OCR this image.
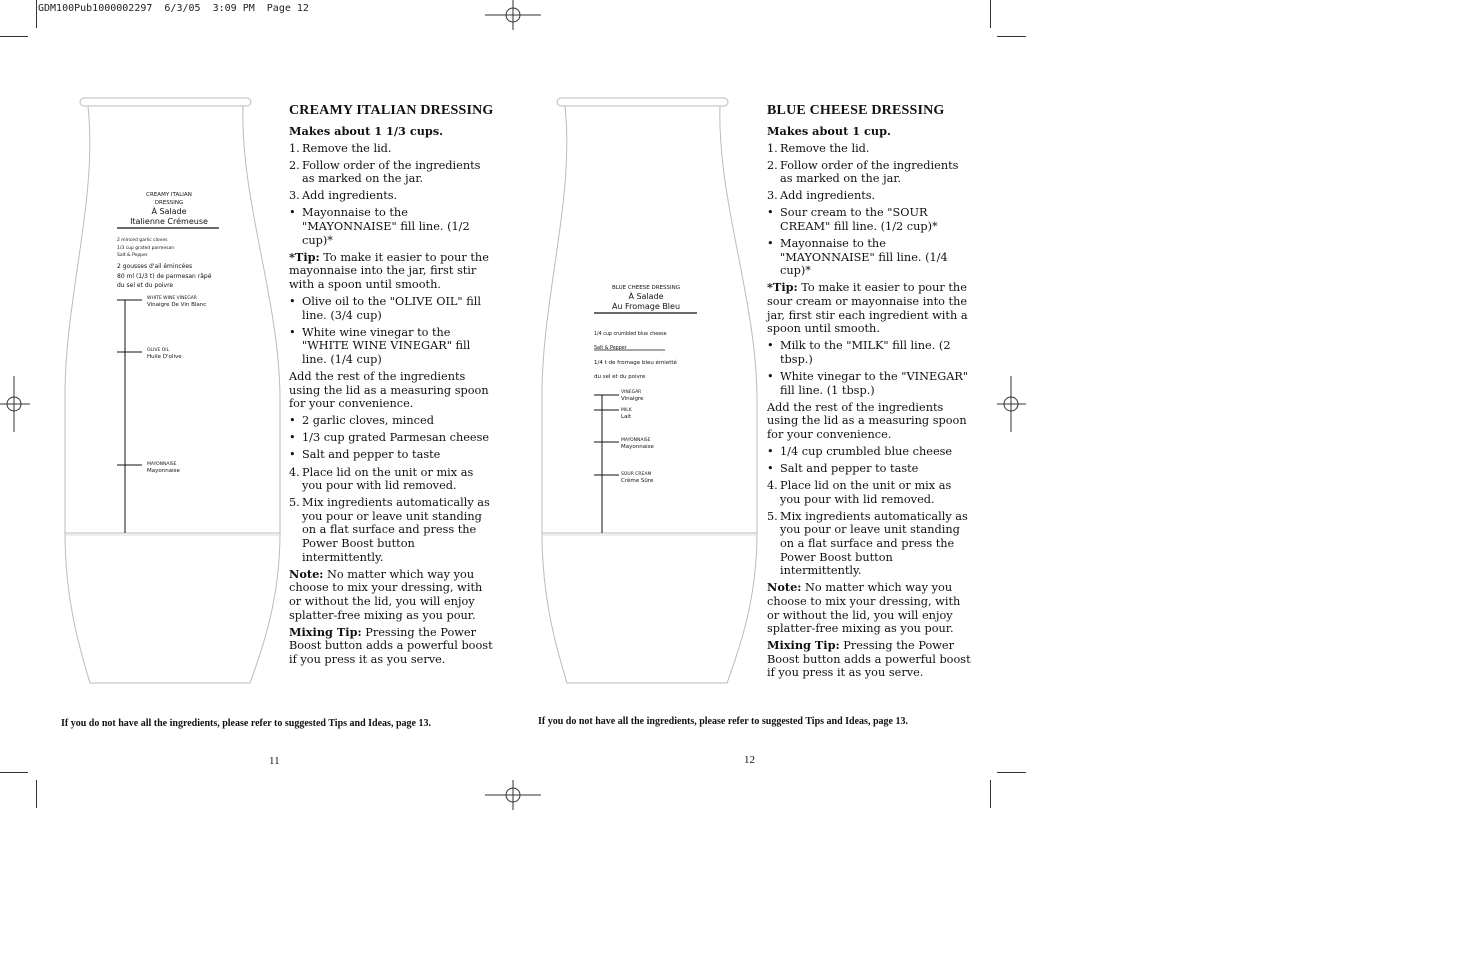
GDM100Pub1000002297  6/3/05  3:09 PM  Page 12
CREAMY ITALIAN
DRESSING
À Salade
Italienne Crémeuse
2 minced garlic cloves
1/3 cup grated parmesan
Salt & Pepper
2 gousses d'ail émincées
80 ml (1/3 t) de parmesan râpé
du sel et du poivre
WHITE WINE VINEGAR
Vinaigre De Vin Blanc
OLIVE OIL
Huile D'olive
MAYONNAISE
Mayonnaise
BLUE CHEESE DRESSING
À Salade
Au Fromage Bleu
1/4 cup crumbled blue cheese
Salt & Pepper
1/4 t de fromage bleu émietté
du sel et du poivre
VINEGAR
Vinaigre
MILK
Lait
MAYONNAISE
Mayonnaise
SOUR CREAM
Crème Sûre
CREAMY ITALIAN DRESSING
Makes about 1 1/3 cups.
1. Remove the lid.
2. Follow order of the ingredients as marked on the jar.
3. Add ingredients.
• Mayonnaise to the "MAYONNAISE" fill line. (1/2 cup)*

*Tip: To make it easier to pour the mayonnaise into the jar, first stir with a spoon until smooth.

• Olive oil to the "OLIVE OIL" fill line. (3/4 cup)
• White wine vinegar to the "WHITE WINE VINEGAR" fill line. (1/4 cup)

Add the rest of the ingredients using the lid as a measuring spoon for your convenience.

• 2 garlic cloves, minced
• 1/3 cup grated Parmesan cheese
• Salt and pepper to taste
4. Place lid on the unit or mix as you pour with lid removed.
5. Mix ingredients automatically as you pour or leave unit standing on a flat surface and press the Power Boost button intermittently.

Note: No matter which way you choose to mix your dressing, with or without the lid, you will enjoy splatter-free mixing as you pour.

Mixing Tip: Pressing the Power Boost button adds a powerful boost if you press it as you serve.

BLUE CHEESE DRESSING
Makes about 1 cup.
1. Remove the lid.
2. Follow order of the ingredients as marked on the jar.
3. Add ingredients.
• Sour cream to the "SOUR CREAM" fill line. (1/2 cup)*
• Mayonnaise to the "MAYONNAISE" fill line. (1/4 cup)*

*Tip: To make it easier to pour the sour cream or mayonnaise into the jar, first stir each ingredient with a spoon until smooth.

• Milk to the "MILK" fill line. (2 tbsp.)
• White vinegar to the "VINEGAR" fill line. (1 tbsp.)

Add the rest of the ingredients using the lid as a measuring spoon for your convenience.

• 1/4 cup crumbled blue cheese
• Salt and pepper to taste
4. Place lid on the unit or mix as you pour with lid removed.
5. Mix ingredients automatically as you pour or leave unit standing on a flat surface and press the Power Boost button intermittently.

Note: No matter which way you choose to mix your dressing, with or without the lid, you will enjoy splatter-free mixing as you pour.

Mixing Tip: Pressing the Power Boost button adds a powerful boost if you press it as you serve.

If you do not have all the ingredients, please refer to suggested Tips and Ideas, page 13.	If you do not have all the ingredients, please refer to suggested Tips and Ideas, page 13.
11	12
